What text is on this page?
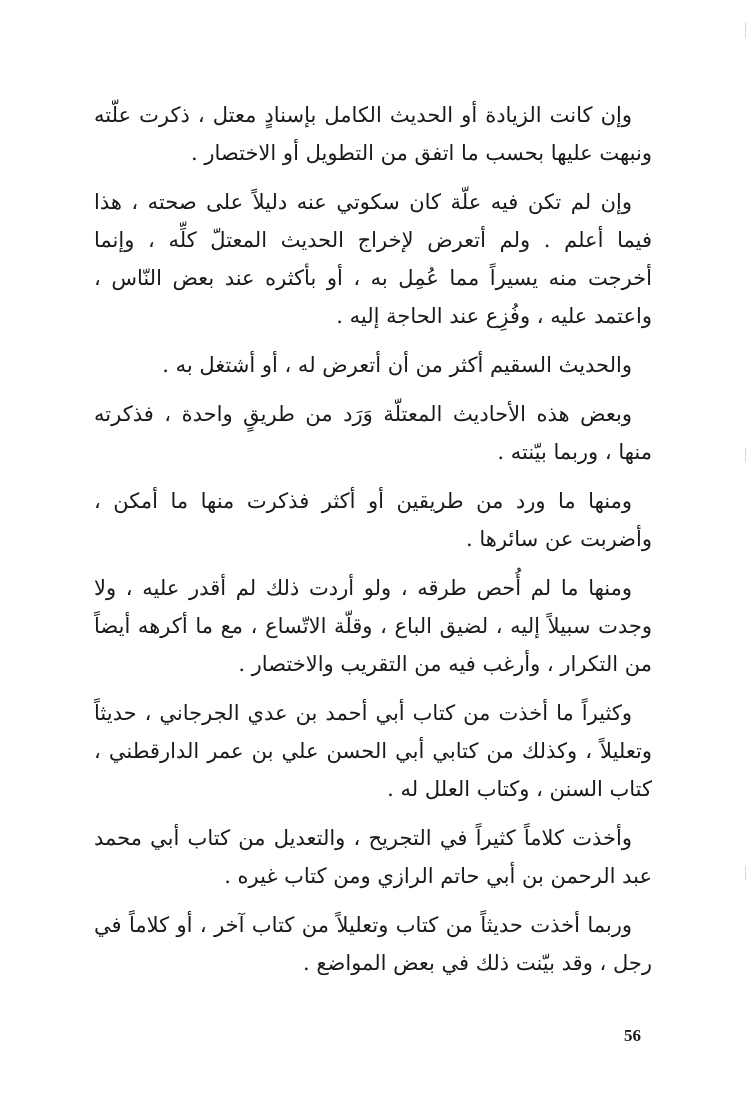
وإن كانت الزيادة أو الحديث الكامل بإسنادٍ معتل ، ذكرت علّته ونبهت عليها بحسب ما اتفق من التطويل أو الاختصار .

وإن لم تكن فيه علّة كان سكوتي عنه دليلاً على صحته ، هذا فيما أعلم . ولم أتعرض لإخراج الحديث المعتلّ كلِّه ، وإنما أخرجت منه يسيراً مما عُمِل به ، أو بأكثره عند بعض النّاس ، واعتمد عليه ، وفُزِع عند الحاجة إليه .

والحديث السقيم أكثر من أن أتعرض له ، أو أشتغل به .

وبعض هذه الأحاديث المعتلّة وَرَد من طريقٍ واحدة ، فذكرته منها ، وربما بيّنته .

ومنها ما ورد من طريقين أو أكثر فذكرت منها ما أمكن ، وأضربت عن سائرها .

ومنها ما لم أُحص طرقه ، ولو أردت ذلك لم أقدر عليه ، ولا وجدت سبيلاً إليه ، لضيق الباع ، وقلّة الاتّساع ، مع ما أكرهه أيضاً من التكرار ، وأرغب فيه من التقريب والاختصار .

وكثيراً ما أخذت من كتاب أبي أحمد بن عدي الجرجاني ، حديثاً وتعليلاً ، وكذلك من كتابي أبي الحسن علي بن عمر الدارقطني ، كتاب السنن ، وكتاب العلل له .

وأخذت كلاماً كثيراً في التجريح ، والتعديل من كتاب أبي محمد عبد الرحمن بن أبي حاتم الرازي ومن كتاب غيره .

وربما أخذت حديثاً من كتاب وتعليلاً من كتاب آخر ، أو كلاماً في رجل ، وقد بيّنت ذلك في بعض المواضع .

56
